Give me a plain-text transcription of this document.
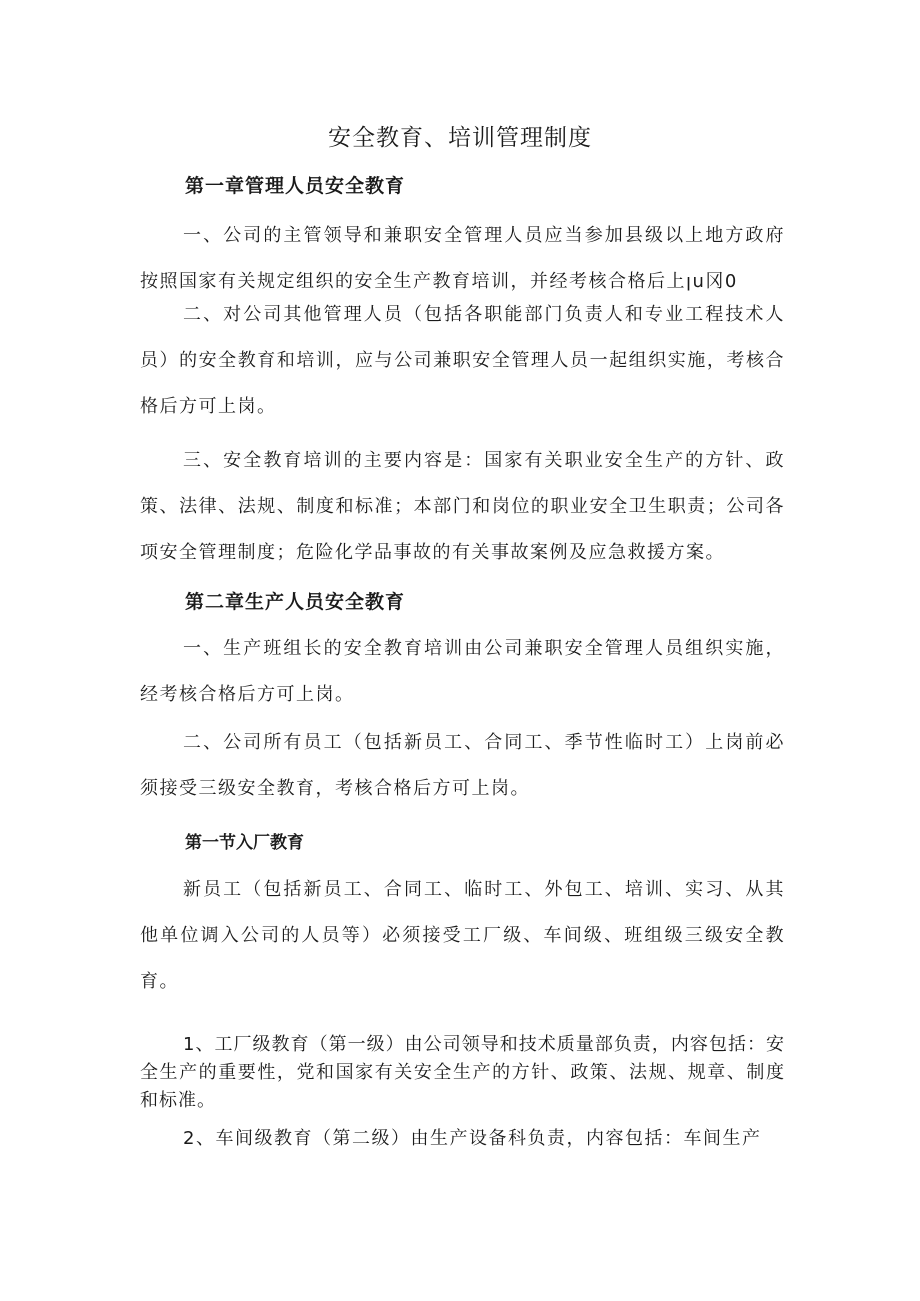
安全教育、培训管理制度
第一章管理人员安全教育

一、公司的主管领导和兼职安全管理人员应当参加县级以上地方政府按照国家有关规定组织的安全生产教育培训，并经考核合格后上ꞁu冈0

二、对公司其他管理人员（包括各职能部门负责人和专业工程技术人员）的安全教育和培训，应与公司兼职安全管理人员一起组织实施，考核合格后方可上岗。

三、安全教育培训的主要内容是：国家有关职业安全生产的方针、政策、法律、法规、制度和标准；本部门和岗位的职业安全卫生职责；公司各项安全管理制度；危险化学品事故的有关事故案例及应急救援方案。

第二章生产人员安全教育

一、生产班组长的安全教育培训由公司兼职安全管理人员组织实施，经考核合格后方可上岗。

二、公司所有员工（包括新员工、合同工、季节性临时工）上岗前必须接受三级安全教育，考核合格后方可上岗。

第一节入厂教育

新员工（包括新员工、合同工、临时工、外包工、培训、实习、从其他单位调入公司的人员等）必须接受工厂级、车间级、班组级三级安全教育。

1、工厂级教育（第一级）由公司领导和技术质量部负责，内容包括：安全生产的重要性，党和国家有关安全生产的方针、政策、法规、规章、制度和标准。

2、车间级教育（第二级）由生产设备科负责，内容包括：车间生产
